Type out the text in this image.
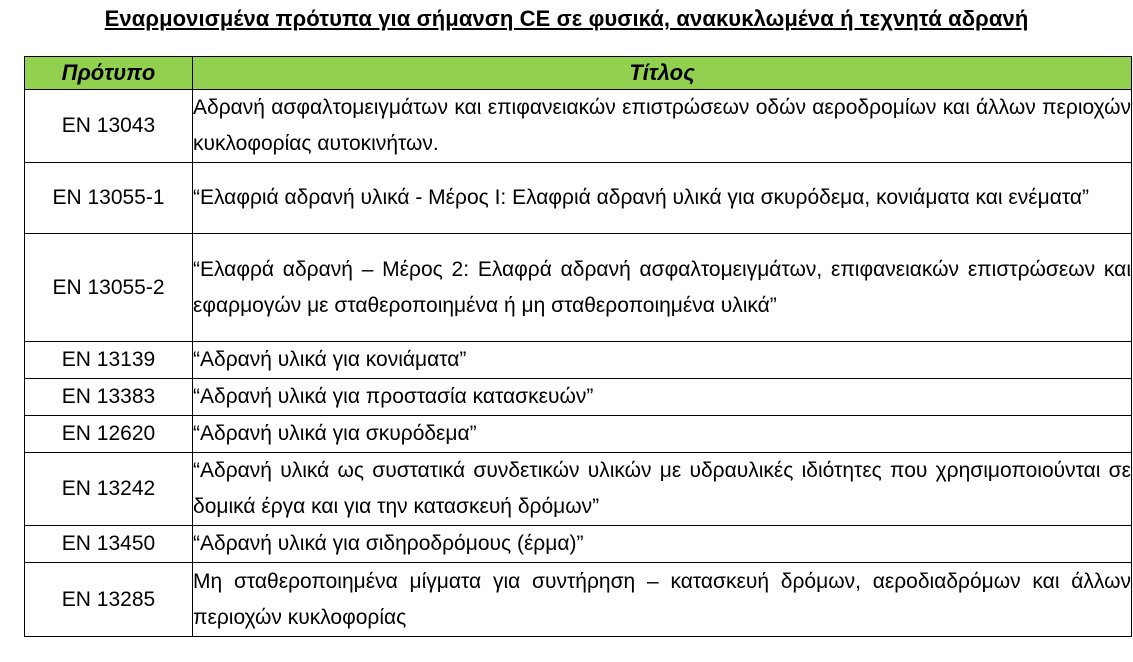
Εναρμονισμένα πρότυπα για σήμανση CE σε φυσικά, ανακυκλωμένα ή τεχνητά αδρανή
Πρότυπο	Τίτλος
EN 13043	Αδρανή ασφαλτομειγμάτων και επιφανειακών επιστρώσεων οδών αεροδρομίων και άλλων περιοχών κυκλοφορίας αυτοκινήτων.
EN 13055-1	“Ελαφριά αδρανή υλικά - Μέρος I: Ελαφριά αδρανή υλικά για σκυρόδεμα, κονιάματα και ενέματα”
EN 13055-2	“Ελαφρά αδρανή – Μέρος 2: Ελαφρά αδρανή ασφαλτομειγμάτων, επιφανειακών επιστρώσεων και εφαρμογών με σταθεροποιημένα ή μη σταθεροποιημένα υλικά”
EN 13139	“Αδρανή υλικά για κονιάματα”
EN 13383	“Αδρανή υλικά για προστασία κατασκευών”
EN 12620	“Αδρανή υλικά για σκυρόδεμα”
EN 13242	“Αδρανή υλικά ως συστατικά συνδετικών υλικών με υδραυλικές ιδιότητες που χρησιμοποιούνται σε δομικά έργα και για την κατασκευή δρόμων”
EN 13450	“Αδρανή υλικά για σιδηροδρόμους (έρμα)”
EN 13285	Μη σταθεροποιημένα μίγματα για συντήρηση – κατασκευή δρόμων, αεροδιαδρόμων και άλλων περιοχών κυκλοφορίας
